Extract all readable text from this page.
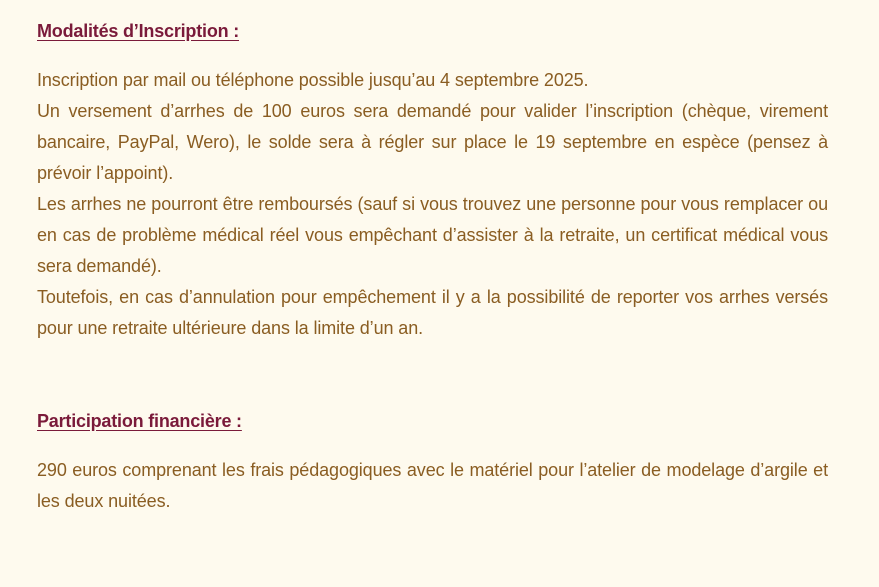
Modalités d’Inscription :

Inscription par mail ou téléphone possible jusqu’au 4 septembre 2025.

Un versement d’arrhes de 100 euros sera demandé pour valider l’inscription (chèque, virement bancaire, PayPal, Wero), le solde sera à régler sur place le 19 septembre en espèce (pensez à prévoir l’appoint).

Les arrhes ne pourront être remboursés (sauf si vous trouvez une personne pour vous remplacer ou en cas de problème médical réel vous empêchant d’assister à la retraite, un certificat médical vous sera demandé).

Toutefois, en cas d’annulation pour empêchement il y a la possibilité de reporter vos arrhes versés pour une retraite ultérieure dans la limite d’un an.

Participation financière :

290 euros comprenant les frais pédagogiques avec le matériel pour l’atelier de modelage d’argile et les deux nuitées.
